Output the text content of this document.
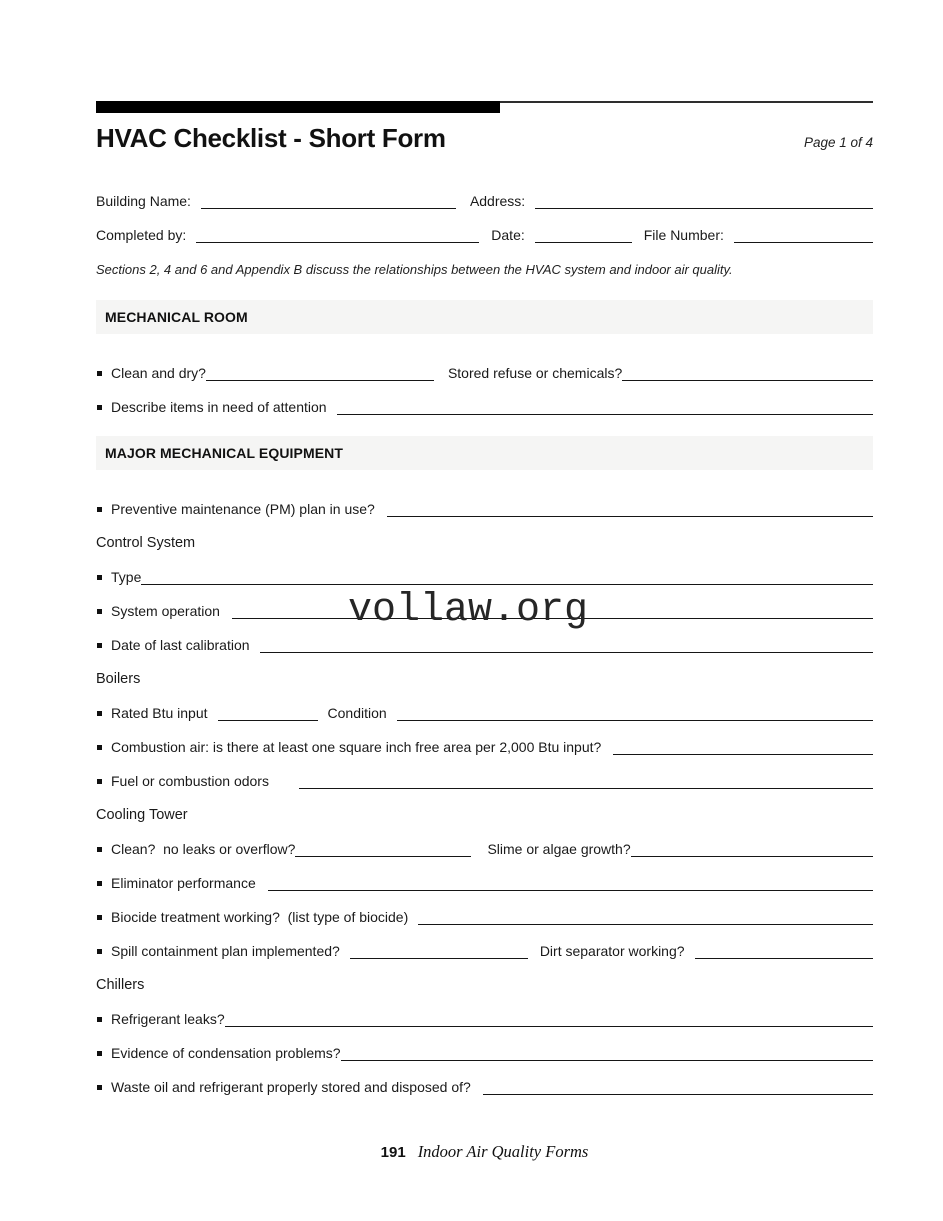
vollaw.org
HVAC Checklist - Short Form	Page 1 of 4
Building Name:	Address:
Completed by:	Date:	File Number:
Sections 2, 4 and 6 and Appendix B discuss the relationships between the HVAC system and indoor air quality.
MECHANICAL ROOM
Clean and dry?	Stored refuse or chemicals?
Describe items in need of attention
MAJOR MECHANICAL EQUIPMENT
Preventive maintenance (PM) plan in use?
Control System
Type
System operation
Date of last calibration
Boilers
Rated Btu input	Condition
Combustion air: is there at least one square inch free area per 2,000 Btu input?
Fuel or combustion odors
Cooling Tower
Clean?  no leaks or overflow?	Slime or algae growth?
Eliminator performance
Biocide treatment working?  (list type of biocide)
Spill containment plan implemented?	Dirt separator working?
Chillers
Refrigerant leaks?
Evidence of condensation problems?
Waste oil and refrigerant properly stored and disposed of?
191 Indoor Air Quality Forms
